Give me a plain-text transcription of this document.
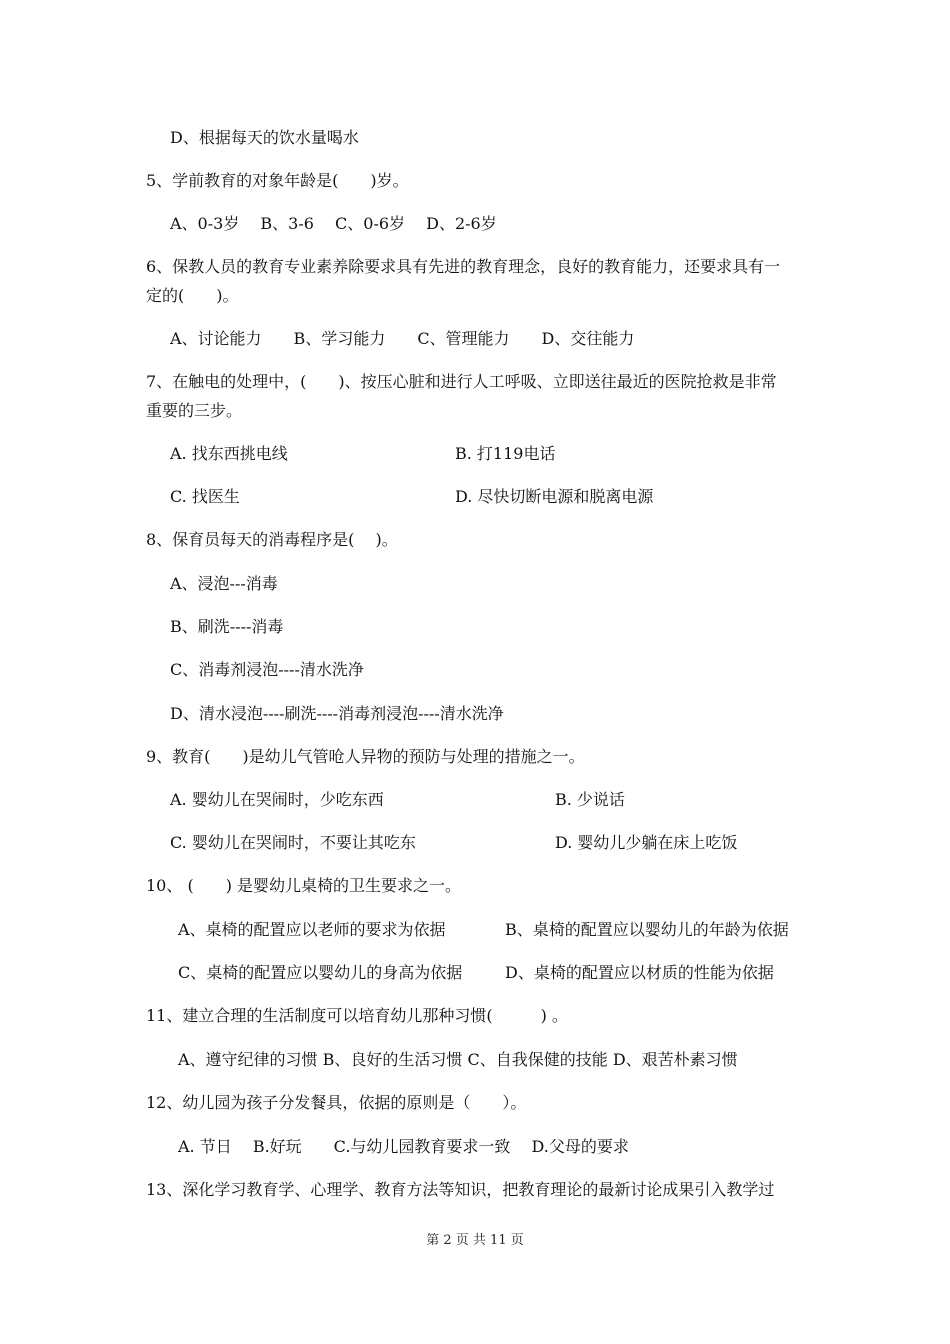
D、根据每天的饮水量喝水
5、学前教育的对象年龄是(　　)岁。
A、0-3岁　 B、3-6　 C、0-6岁　 D、2-6岁
6、保教人员的教育专业素养除要求具有先进的教育理念，良好的教育能力，还要求具有一
定的(　　)。
A、讨论能力　　B、学习能力　　C、管理能力　　D、交往能力
7、在触电的处理中，(　　)、按压心脏和进行人工呼吸、立即送往最近的医院抢救是非常
重要的三步。
A. 找东西挑电线	B. 打119电话
C. 找医生	D. 尽快切断电源和脱离电源
8、保育员每天的消毒程序是(　 )。
A、浸泡---消毒
B、刷洗----消毒
C、消毒剂浸泡----清水洗净
D、清水浸泡----刷洗----消毒剂浸泡----清水洗净
9、教育(　　)是幼儿气管呛人异物的预防与处理的措施之一。
A. 婴幼儿在哭闹时，少吃东西	B. 少说话
C. 婴幼儿在哭闹时，不要让其吃东	D. 婴幼儿少躺在床上吃饭
10、 (　　) 是婴幼儿桌椅的卫生要求之一。
A、桌椅的配置应以老师的要求为依据	B、桌椅的配置应以婴幼儿的年龄为依据
C、桌椅的配置应以婴幼儿的身高为依据	D、桌椅的配置应以材质的性能为依据
11、建立合理的生活制度可以培育幼儿那种习惯(　　　) 。
A、遵守纪律的习惯 B、良好的生活习惯 C、自我保健的技能 D、艰苦朴素习惯
12、幼儿园为孩子分发餐具，依据的原则是（　　）。
A. 节日　 B.好玩　　C.与幼儿园教育要求一致　 D.父母的要求
13、深化学习教育学、心理学、教育方法等知识，把教育理论的最新讨论成果引入教学过
第 2 页 共 11 页
